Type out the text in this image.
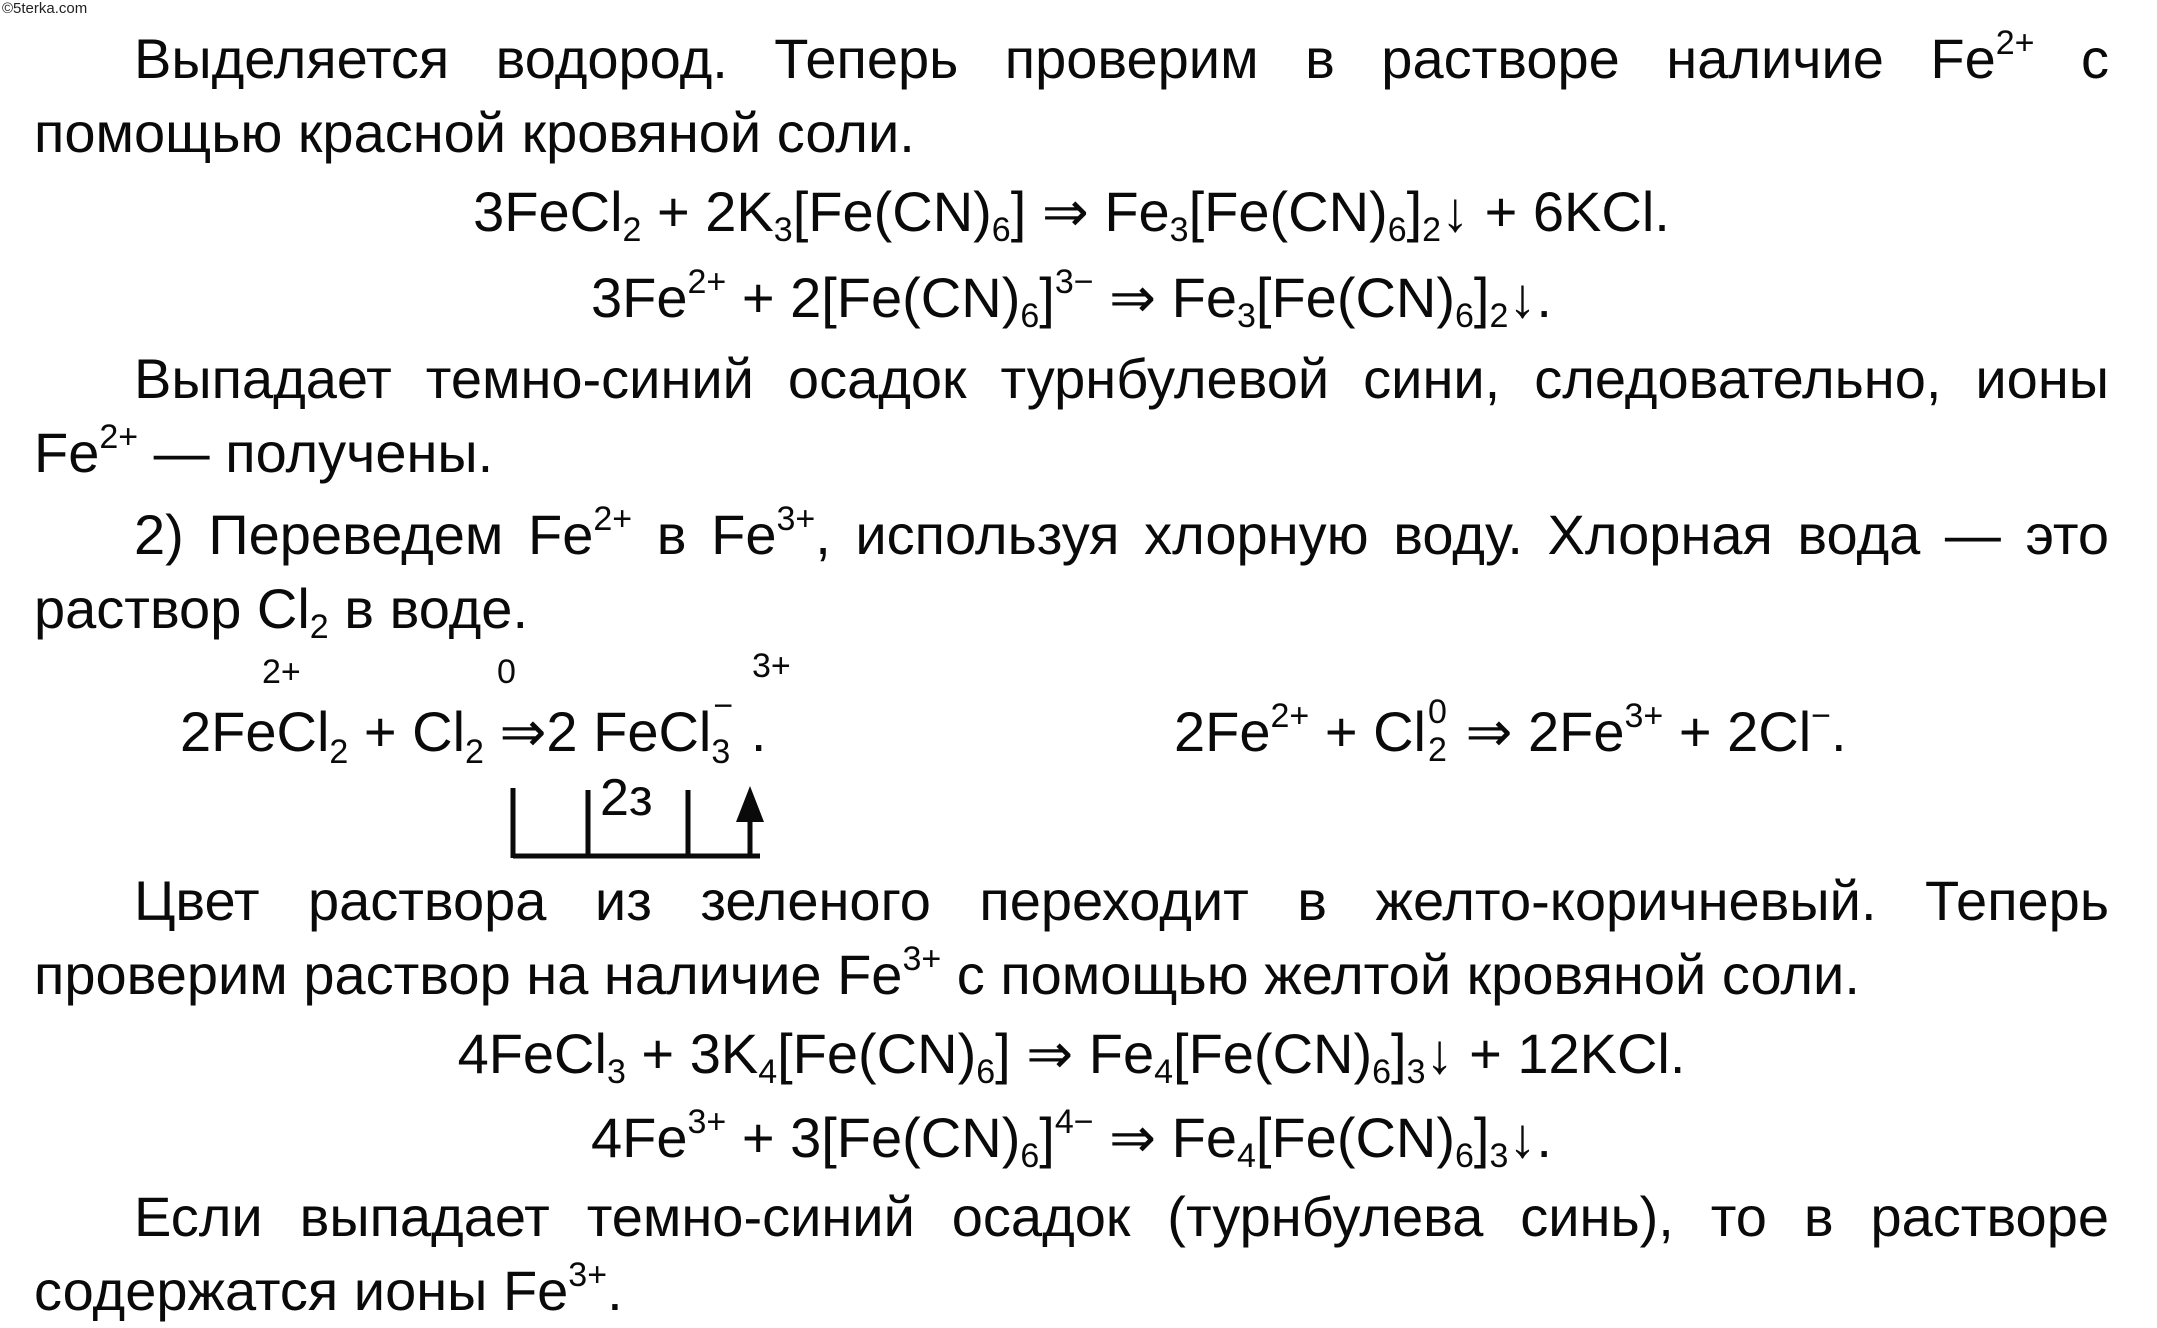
©5terka.com
Выделяется водород. Теперь проверим в растворе наличие $Fe^{2+}$ с помощью красной кровяной соли.
3FeCl$_2$ + $2K_3[Fe(CN)_6]$ ⇒ $Fe_3[Fe(CN)_6]_2↓ + 6KCl$.
$3Fe^{2+} + 2[Fe(CN)_6]^{3-}$ ⇒ $Fe_3[Fe(CN)_6]_2↓$.
Выпадает темно-синий осадок турнбулевой сини, следовательно, ионы $Fe^{2+}$ — получены.
2) Переведем $Fe^{2+}$ в $Fe^{3+}$, используя хлорную воду. Хлорная вода — это раствор $Cl_2$ в воде.
2+	0	3+
2FeCl$_2$ + $Cl_2$ ⇒2 FeCl −
3 .
2з
$2Fe^{2+} + Cl$ 0
2 ⇒ $2Fe^{3+} + 2Cl^-$.
Цвет раствора из зеленого переходит в желто-коричневый. Теперь проверим раствор на наличие $Fe^{3+}$ с помощью желтой кровяной соли.
4FeCl$_3$ + $3K_4[Fe(CN)_6]$ ⇒ $Fe_4[Fe(CN)_6]_3↓ + 12KCl$.
$4Fe^{3+} + 3[Fe(CN)_6]^{4-}$ ⇒ $Fe_4[Fe(CN)_6]_3↓$.
Если выпадает темно-синий осадок (турнбулева синь), то в растворе содержатся ионы $Fe^{3+}$.
